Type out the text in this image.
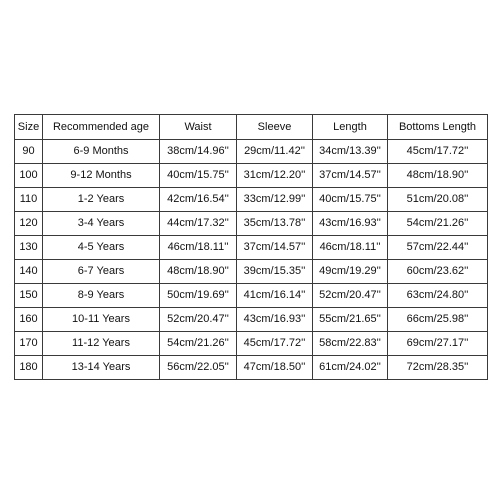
Size	Recommended age	Waist	Sleeve	Length	Bottoms Length
90	6-9 Months	38cm/14.96''	29cm/11.42''	34cm/13.39''	45cm/17.72''
100	9-12 Months	40cm/15.75''	31cm/12.20''	37cm/14.57''	48cm/18.90''
110	1-2 Years	42cm/16.54''	33cm/12.99''	40cm/15.75''	51cm/20.08''
120	3-4 Years	44cm/17.32''	35cm/13.78''	43cm/16.93''	54cm/21.26''
130	4-5 Years	46cm/18.11''	37cm/14.57''	46cm/18.11''	57cm/22.44''
140	6-7 Years	48cm/18.90''	39cm/15.35''	49cm/19.29''	60cm/23.62''
150	8-9 Years	50cm/19.69''	41cm/16.14''	52cm/20.47''	63cm/24.80''
160	10-11 Years	52cm/20.47''	43cm/16.93''	55cm/21.65''	66cm/25.98''
170	11-12 Years	54cm/21.26''	45cm/17.72''	58cm/22.83''	69cm/27.17''
180	13-14 Years	56cm/22.05''	47cm/18.50''	61cm/24.02''	72cm/28.35''
